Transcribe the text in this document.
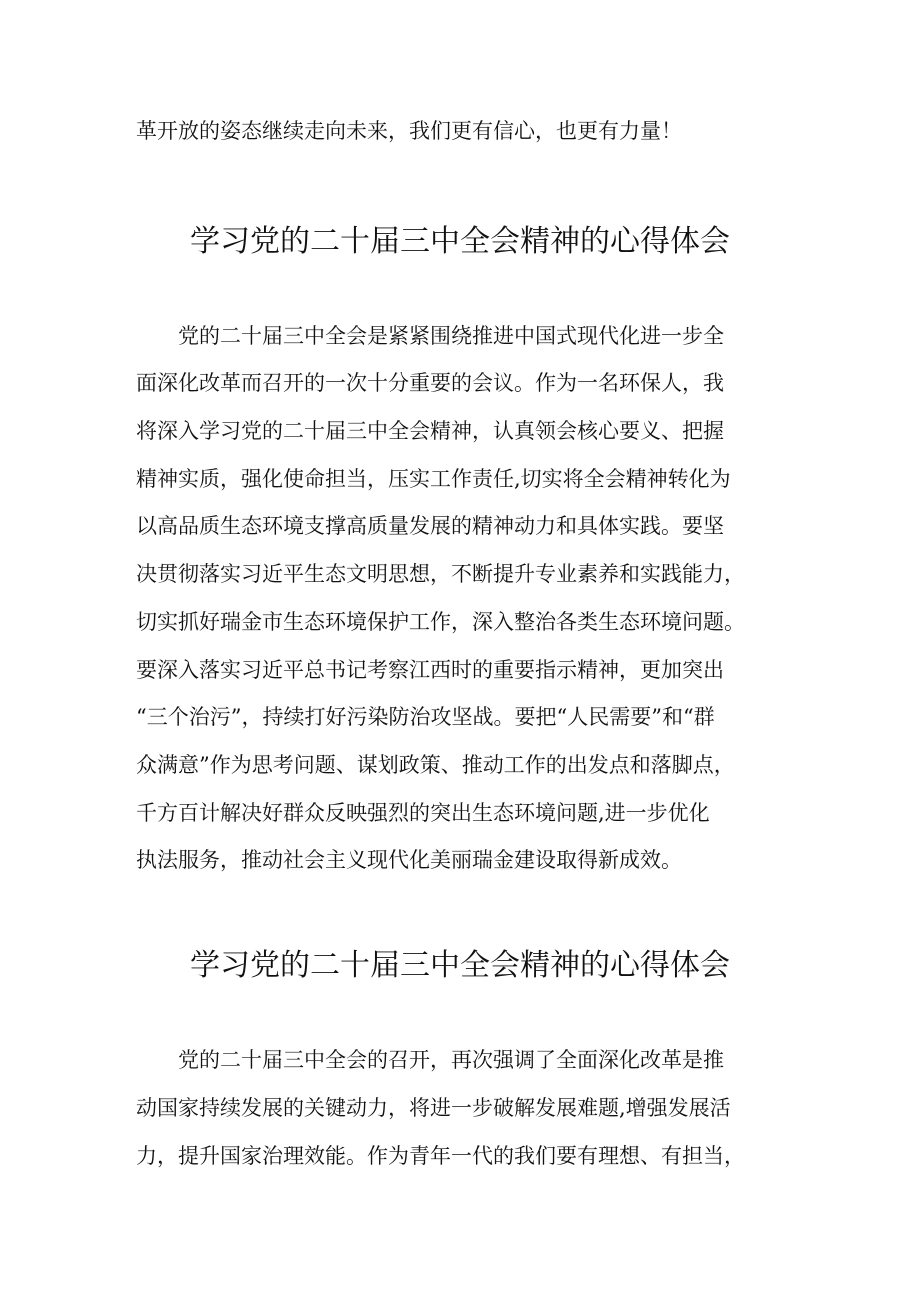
革开放的姿态继续走向未来，我们更有信心，也更有力量！
学习党的二十届三中全会精神的心得体会
党的二十届三中全会是紧紧围绕推进中国式现代化进一步全
面深化改革而召开的一次十分重要的会议。作为一名环保人，我
将深入学习党的二十届三中全会精神，认真领会核心要义、把握
精神实质，强化使命担当，压实工作责任,切实将全会精神转化为
以高品质生态环境支撑高质量发展的精神动力和具体实践。要坚
决贯彻落实习近平生态文明思想，不断提升专业素养和实践能力，
切实抓好瑞金市生态环境保护工作，深入整治各类生态环境问题。
要深入落实习近平总书记考察江西时的重要指示精神，更加突出
“三个治污”，持续打好污染防治攻坚战。要把“人民需要”和“群
众满意”作为思考问题、谋划政策、推动工作的出发点和落脚点，
千方百计解决好群众反映强烈的突出生态环境问题,进一步优化
执法服务，推动社会主义现代化美丽瑞金建设取得新成效。
学习党的二十届三中全会精神的心得体会
党的二十届三中全会的召开，再次强调了全面深化改革是推
动国家持续发展的关键动力，将进一步破解发展难题,增强发展活
力，提升国家治理效能。作为青年一代的我们要有理想、有担当，
